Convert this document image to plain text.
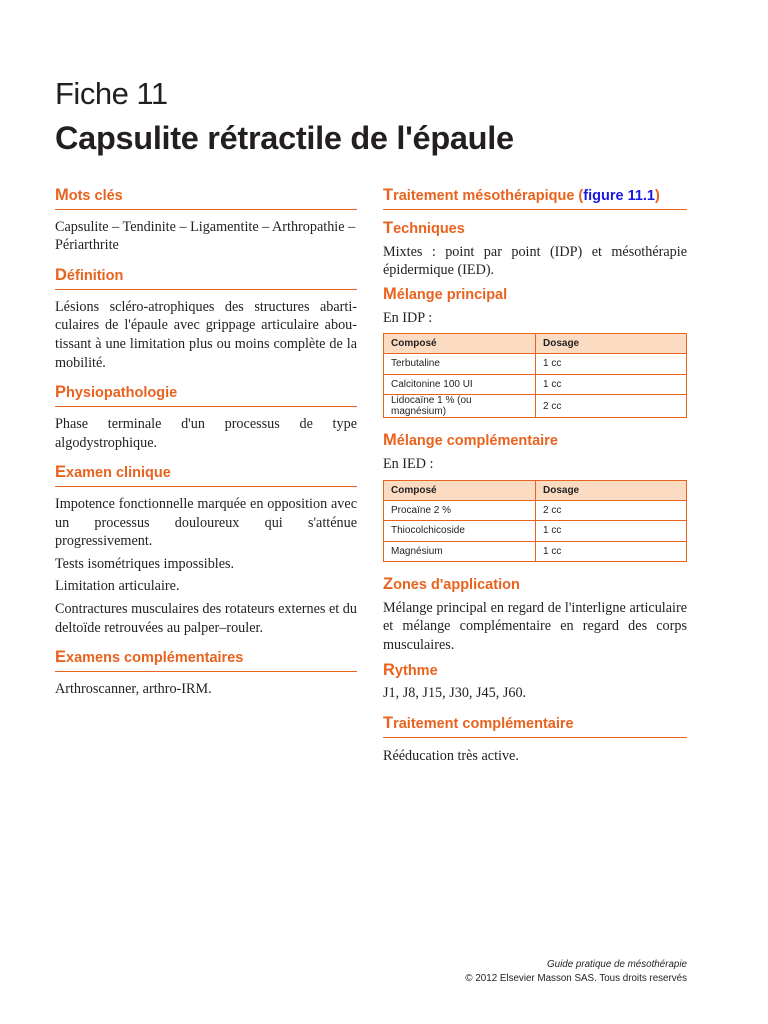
Fiche 11
Capsulite rétractile de l'épaule
Mots clés

Capsulite – Tendinite – Ligamentite – Arthropathie – Périarthrite

Définition

Lésions scléro-atrophiques des structures abarticulaires de l'épaule avec grippage articulaire aboutissant à une limitation plus ou moins complète de la mobilité.

Physiopathologie

Phase terminale d'un processus de type algodystrophique.

Examen clinique

Impotence fonctionnelle marquée en opposition avec un processus douloureux qui s'atténue progressivement.

Tests isométriques impossibles.

Limitation articulaire.

Contractures musculaires des rotateurs externes et du deltoïde retrouvées au palper–rouler.

Examens complémentaires

Arthroscanner, arthro-IRM.

Traitement mésothérapique (figure 11.1)
Techniques

Mixtes : point par point (IDP) et mésothérapie épidermique (IED).

Mélange principal

En IDP :

Composé	Dosage
Terbutaline	1 cc
Calcitonine 100 UI	1 cc
Lidocaïne 1 % (ou magnésium)	2 cc
Mélange complémentaire

En IED :

Composé	Dosage
Procaïne 2 %	2 cc
Thiocolchicoside	1 cc
Magnésium	1 cc
Zones d'application

Mélange principal en regard de l'interligne articulaire et mélange complémentaire en regard des corps musculaires.

Rythme

J1, J8, J15, J30, J45, J60.

Traitement complémentaire

Rééducation très active.

Guide pratique de mésothérapie
© 2012 Elsevier Masson SAS. Tous droits reservés
